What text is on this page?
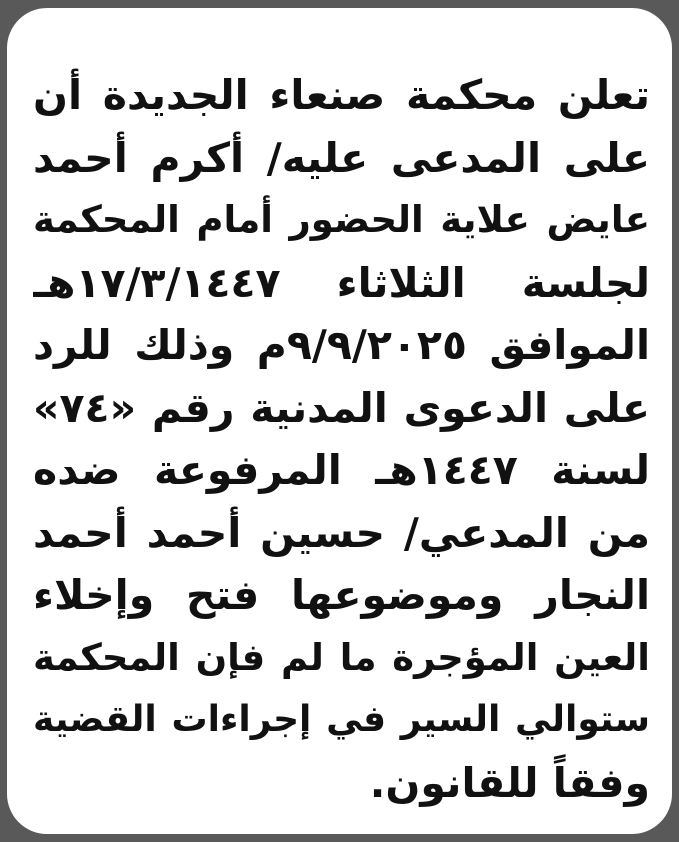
تعلن محكمة صنعاء الجديدة أن
على المدعى عليه/ أكرم أحمد
عايض علاية الحضور أمام المحكمة
لجلسة الثلاثاء ١٧/٣/١٤٤٧هـ
الموافق ٩/٩/٢٠٢٥م وذلك للرد
على الدعوى المدنية رقم «٧٤»
لسنة ١٤٤٧هـ المرفوعة ضده
من المدعي/ حسين أحمد أحمد
النجار وموضوعها فتح وإخلاء
العين المؤجرة ما لم فإن المحكمة
ستوالي السير في إجراءات القضية
وفقاً للقانون.
